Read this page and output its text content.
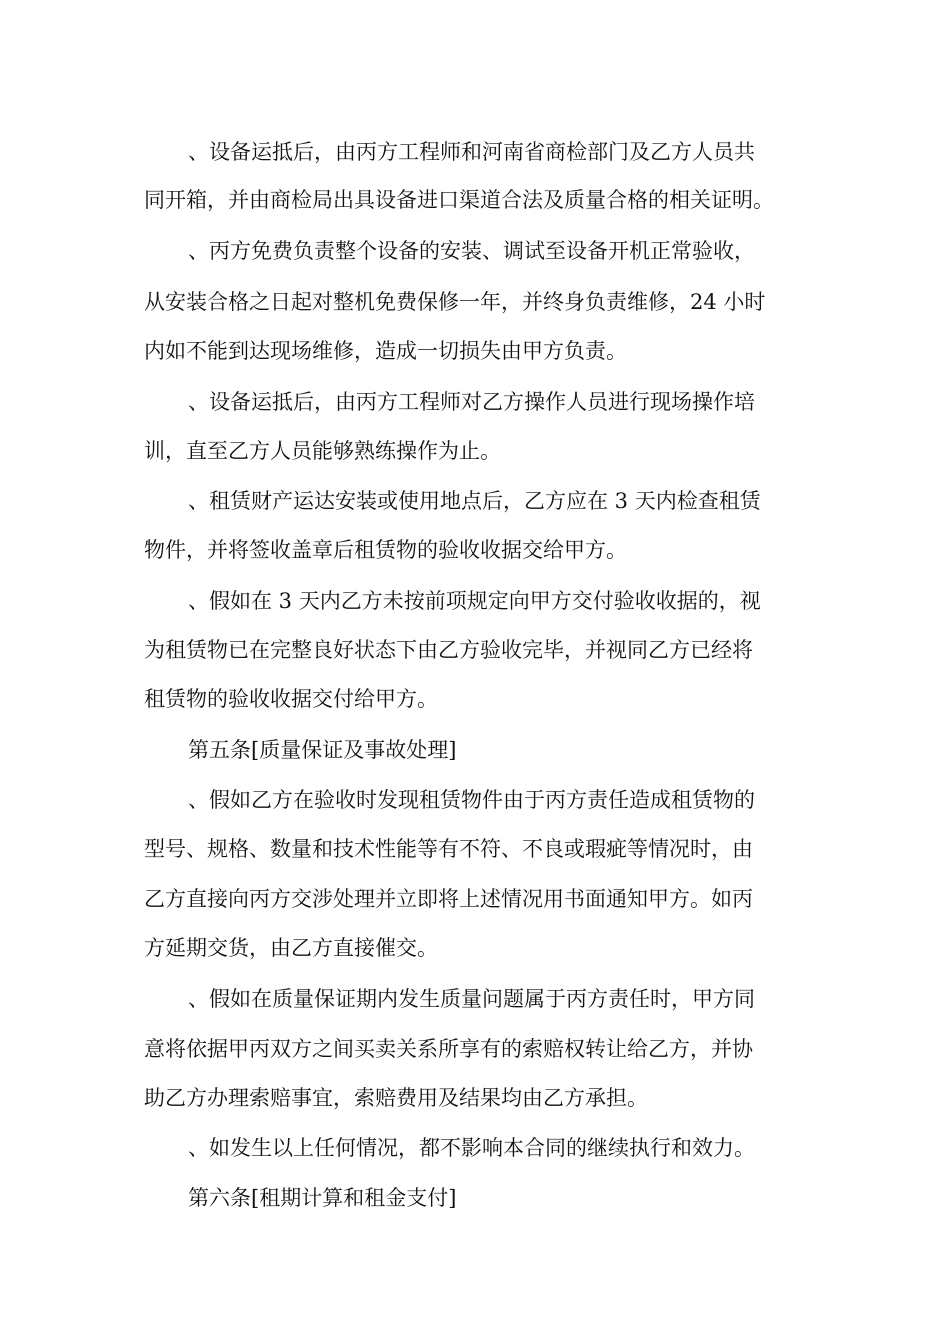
、设备运抵后，由丙方工程师和河南省商检部门及乙方人员共
同开箱，并由商检局出具设备进口渠道合法及质量合格的相关证明。
、丙方免费负责整个设备的安装、调试至设备开机正常验收，
从安装合格之日起对整机免费保修一年，并终身负责维修，24 小时
内如不能到达现场维修，造成一切损失由甲方负责。
、设备运抵后，由丙方工程师对乙方操作人员进行现场操作培
训，直至乙方人员能够熟练操作为止。
、租赁财产运达安装或使用地点后，乙方应在 3 天内检查租赁
物件，并将签收盖章后租赁物的验收收据交给甲方。
、假如在 3 天内乙方未按前项规定向甲方交付验收收据的，视
为租赁物已在完整良好状态下由乙方验收完毕，并视同乙方已经将
租赁物的验收收据交付给甲方。
第五条[质量保证及事故处理]
、假如乙方在验收时发现租赁物件由于丙方责任造成租赁物的
型号、规格、数量和技术性能等有不符、不良或瑕疵等情况时，由
乙方直接向丙方交涉处理并立即将上述情况用书面通知甲方。如丙
方延期交货，由乙方直接催交。
、假如在质量保证期内发生质量问题属于丙方责任时，甲方同
意将依据甲丙双方之间买卖关系所享有的索赔权转让给乙方，并协
助乙方办理索赔事宜，索赔费用及结果均由乙方承担。
、如发生以上任何情况，都不影响本合同的继续执行和效力。
第六条[租期计算和租金支付]
